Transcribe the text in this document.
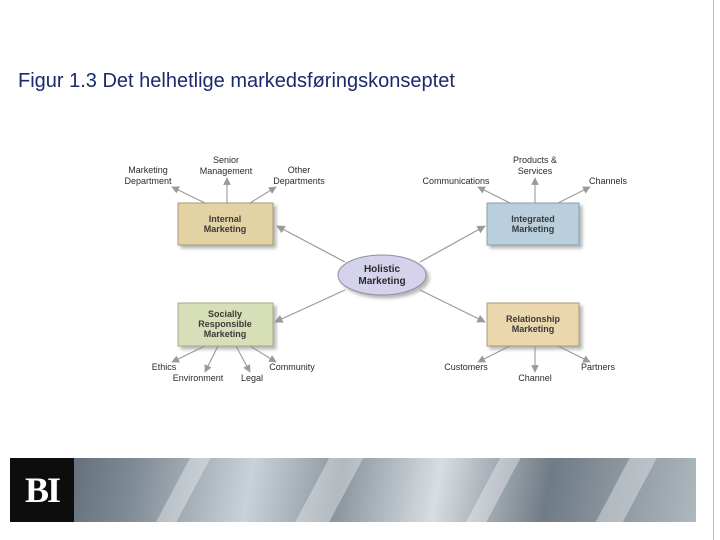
Figur 1.3 Det helhetlige markedsføringskonseptet
Holistic
Marketing
Internal
Marketing
Marketing
Department
Senior
Management	Other
Departments
Integrated
Marketing
Communications
Products &
Services
Channels
Socially
Responsible
Marketing
Ethics
Environment Legal
Community
Relationship
Marketing
Customers
Channel
Partners
BI
